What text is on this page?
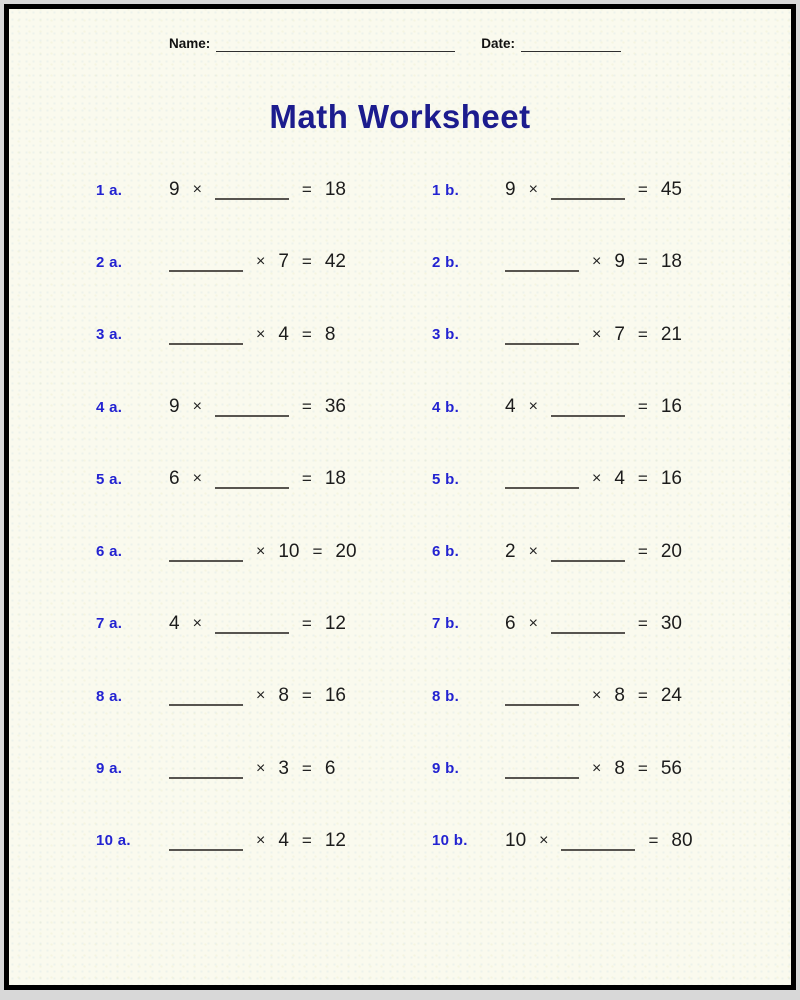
Name:	Date:
Math Worksheet
1 a.	9 ×	= 18	1 b.	9 ×	= 45
2 a.	× 7 = 42	2 b.	× 9 = 18
3 a.	× 4 = 8	3 b.	× 7 = 21
4 a.	9 ×	= 36	4 b.	4 ×	= 16
5 a.	6 ×	= 18	5 b.	× 4 = 16
6 a.	× 10 = 20	6 b.	2 ×	= 20
7 a.	4 ×	= 12	7 b.	6 ×	= 30
8 a.	× 8 = 16	8 b.	× 8 = 24
9 a.	× 3 = 6	9 b.	× 8 = 56
10 a.	× 4 = 12	10 b.	10 ×	= 80
